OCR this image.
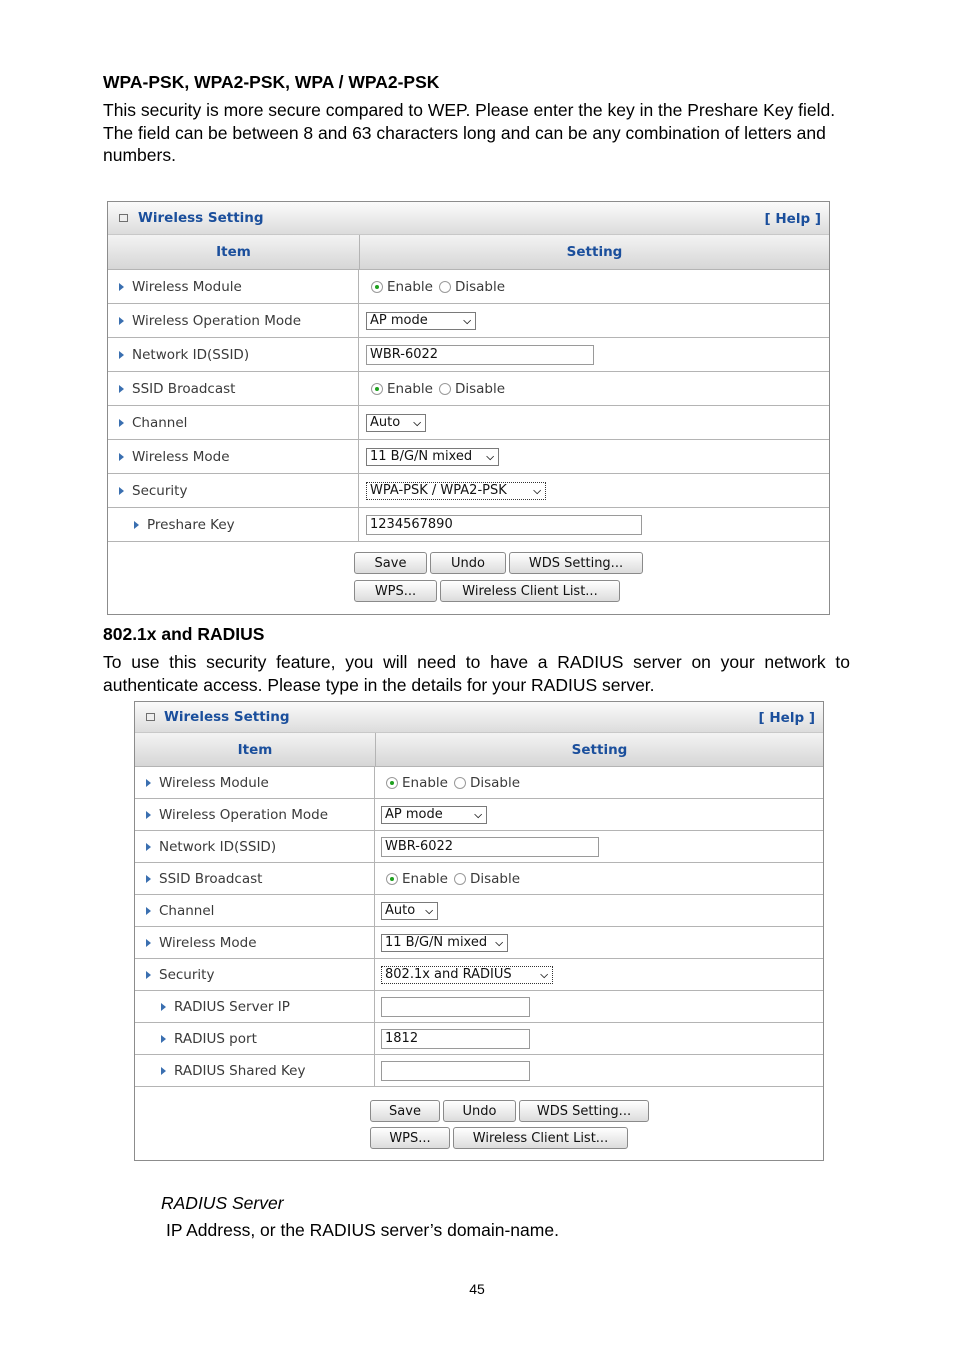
WPA-PSK, WPA2-PSK, WPA / WPA2-PSK
This security is more secure compared to WEP. Please enter the key in the Preshare Key field.
The field can be between 8 and 63 characters long and can be any combination of letters and
numbers.
Wireless Setting	[ Help ]
Item	Setting
Wireless Module	Enable Disable
Wireless Operation Mode	AP mode	⌵
Network ID(SSID)	WBR-6022
SSID Broadcast	Enable Disable
Channel	Auto ⌵
Wireless Mode	11 B/G/N mixed ⌵
Security	WPA-PSK / WPA2-PSK	⌵
Preshare Key	1234567890
Save	Undo	WDS Setting...
WPS...	Wireless Client List...
802.1x and RADIUS
To  use  this  security  feature,  you  will  need  to  have  a  RADIUS  server  on  your  network  to
authenticate access. Please type in the details for your RADIUS server.
Wireless Setting	[ Help ]
Item	Setting
Wireless Module	Enable Disable
Wireless Operation Mode	AP mode	⌵
Network ID(SSID)	WBR-6022
SSID Broadcast	Enable Disable
Channel	Auto ⌵
Wireless Mode	11 B/G/N mixed ⌵
Security	802.1x and RADIUS	⌵
RADIUS Server IP
RADIUS port	1812
RADIUS Shared Key
Save	Undo	WDS Setting...
WPS...	Wireless Client List...
RADIUS Server
IP Address, or the RADIUS server’s domain-name.
45
